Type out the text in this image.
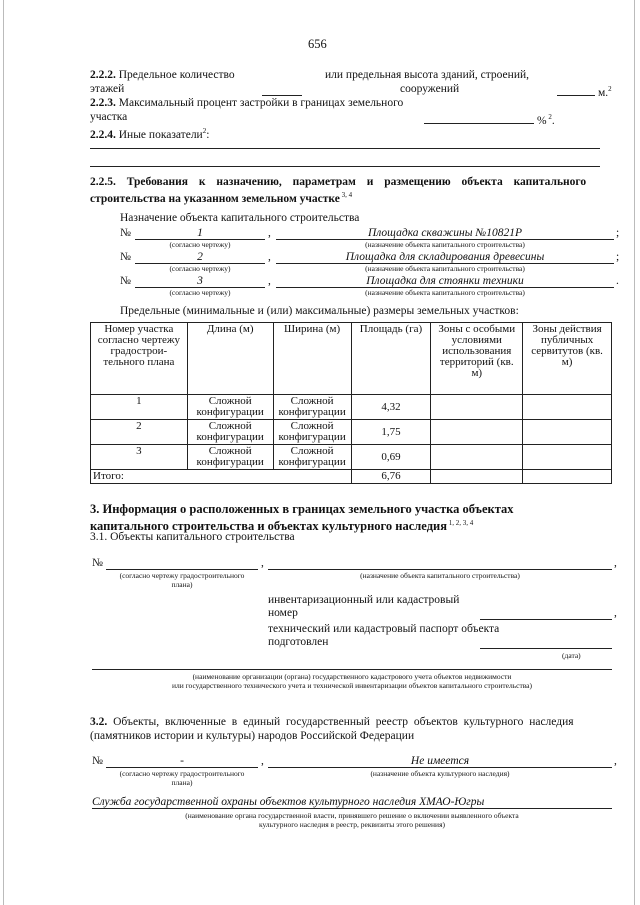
656
2.2.2. Предельное количество	или предельная высота зданий, строений,
этажей	сооружений	м.$^2$
2.2.3. Максимальный процент застройки в границах земельного
участка	% $^2$.
2.2.4. Иные показатели$^2$:
2.2.5. Требования к назначению, параметрам и размещению объекта капитального
строительства на указанном земельном участке $^{3, 4}$
Назначение объекта капитального строительства
№	1	,	Площадка скважины №10821Р	;
(согласно чертежу)	(назначение объекта капитального строительства)
№	2	,	Площадка для складирования древесины	;
(согласно чертежу)	(назначение объекта капитального строительства)
№	3	,	Площадка для стоянки техники	.
(согласно чертежу)	(назначение объекта капитального строительства)
Предельные (минимальные и (или) максимальные) размеры земельных участков:
Номер участка согласно чертежу градострои-тельного плана	Длина (м)	Ширина (м)	Площадь (га)	Зоны с особыми условиями использования территорий (кв. м)	Зоны действия публичных сервитутов (кв. м)
1	Сложной конфигурации	Сложной конфигурации	4,32		
2	Сложной конфигурации	Сложной конфигурации	1,75		
3	Сложной конфигурации	Сложной конфигурации	0,69		
Итого:			6,76		
3. Информация о расположенных в границах земельного участка объектах
капитального строительства и объектах культурного наследия $^{1, 2, 3, 4}$
3.1. Объекты капитального строительства
№	,	,
(согласно чертежу градостроительного
плана)
(назначение объекта капитального строительства)
инвентаризационный или кадастровый
номер	,
технический или кадастровый паспорт объекта
подготовлен
(дата)
(наименование организации (органа) государственного кадастрового учета объектов недвижимости
или государственного технического учета и технической инвентаризации объектов капитального строительства)
3.2. Объекты, включенные в единый государственный реестр объектов культурного наследия
(памятников истории и культуры) народов Российской Федерации
№	-	,	Не имеется	,
(согласно чертежу градостроительного
плана)
(назначение объекта культурного наследия)
Служба государственной охраны объектов культурного наследия ХМАО-Югры
(наименование органа государственной власти, принявшего решение о включении выявленного объекта
культурного наследия в реестр, реквизиты этого решения)
